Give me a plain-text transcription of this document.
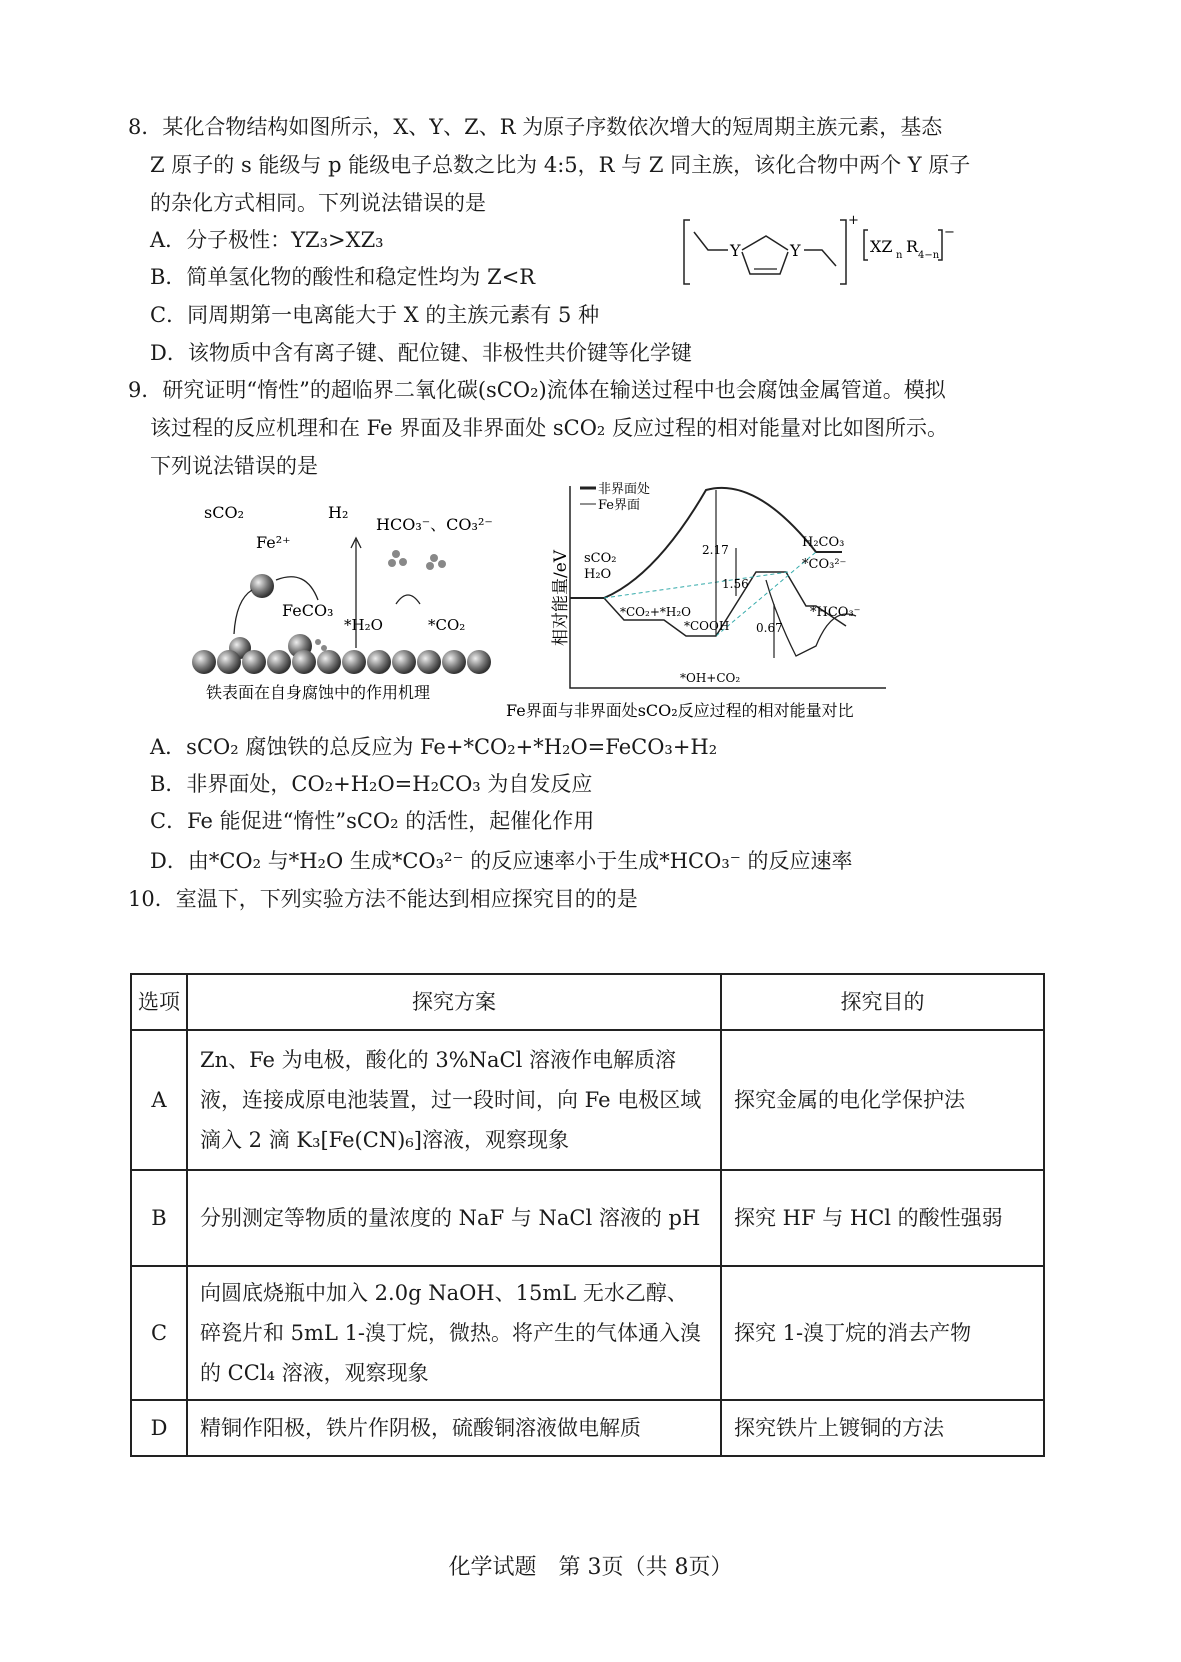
8．某化合物结构如图所示，X、Y、Z、R 为原子序数依次增大的短周期主族元素，基态
Z 原子的 s 能级与 p 能级电子总数之比为 4:5，R 与 Z 同主族，该化合物中两个 Y 原子
的杂化方式相同。下列说法错误的是
A．分子极性：YZ₃>XZ₃
B．简单氢化物的酸性和稳定性均为 Z<R
C．同周期第一电离能大于 X 的主族元素有 5 种
D．该物质中含有离子键、配位键、非极性共价键等化学键
Y	Y
+
XZ n R 4−n
−
9．研究证明“惰性”的超临界二氧化碳(sCO₂)流体在输送过程中也会腐蚀金属管道。模拟
该过程的反应机理和在 Fe 界面及非界面处 sCO₂ 反应过程的相对能量对比如图所示。
下列说法错误的是
sCO₂
Fe²⁺
H₂
HCO₃⁻、CO₃²⁻
FeCO₃
*H₂O	*CO₂
铁表面在自身腐蚀中的作用机理
相对能量/eV
非界面处
Fe界面
sCO₂
H₂O
H₂CO₃
*CO₃²⁻
*CO₂+*H₂O
*COOH
*HCO₃⁻
*OH+CO₂
2.17
1.56
0.67
Fe界面与非界面处sCO₂反应过程的相对能量对比
A．sCO₂ 腐蚀铁的总反应为 Fe+*CO₂+*H₂O=FeCO₃+H₂
B．非界面处，CO₂+H₂O=H₂CO₃ 为自发反应
C．Fe 能促进“惰性”sCO₂ 的活性，起催化作用
D．由*CO₂ 与*H₂O 生成*CO₃²⁻ 的反应速率小于生成*HCO₃⁻ 的反应速率
10．室温下，下列实验方法不能达到相应探究目的的是
选项	探究方案	探究目的
A	Zn、Fe 为电极，酸化的 3%NaCl 溶液作电解质溶液，连接成原电池装置，过一段时间，向 Fe 电极区域滴入 2 滴 K₃[Fe(CN)₆]溶液，观察现象	探究金属的电化学保护法
B	分别测定等物质的量浓度的 NaF 与 NaCl 溶液的 pH	探究 HF 与 HCl 的酸性强弱
C	向圆底烧瓶中加入 2.0g NaOH、15mL 无水乙醇、碎瓷片和 5mL 1-溴丁烷，微热。将产生的气体通入溴的 CCl₄ 溶液，观察现象	探究 1-溴丁烷的消去产物
D	精铜作阳极，铁片作阴极，硫酸铜溶液做电解质	探究铁片上镀铜的方法
化学试题　第 3页（共 8页）
